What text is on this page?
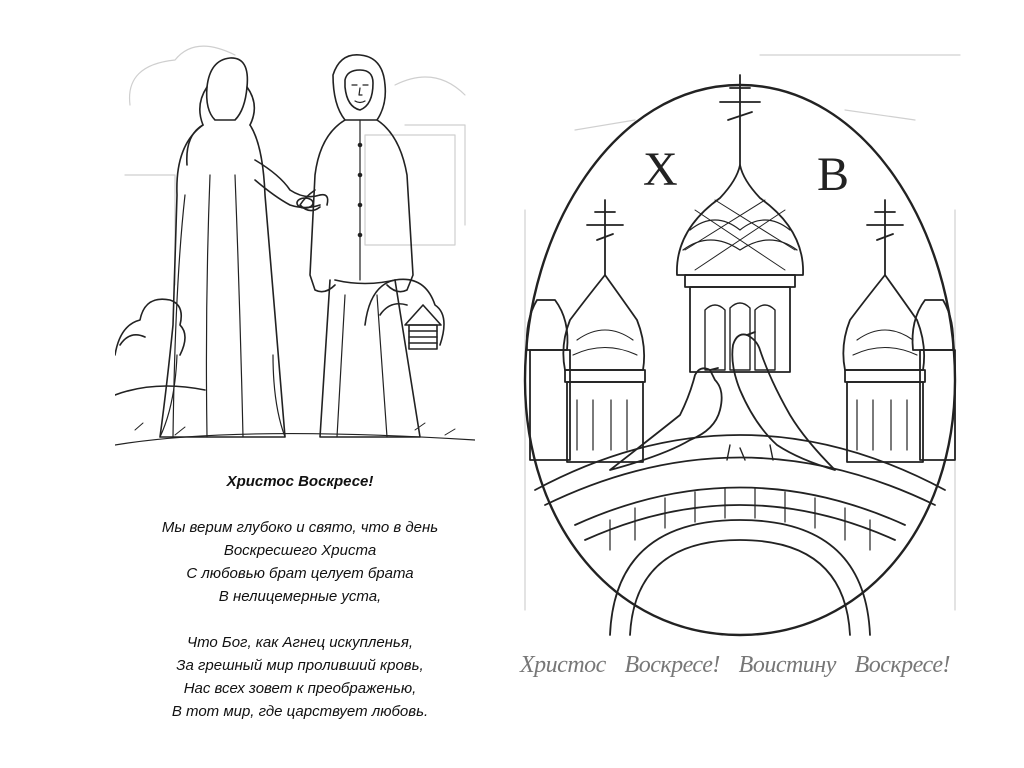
Христос Воскресе!
Мы верим глубоко и свято, что в день
Воскресшего Христа
С любовью брат целует брата
В нелицемерные уста,
Что Бог, как Агнец искупленья,
За грешный мир проливший кровь,
Нас всех зовет к преображенью,
В тот мир, где царствует любовь.
Х	В
Христос Воскресе! Воистину Воскресе!
